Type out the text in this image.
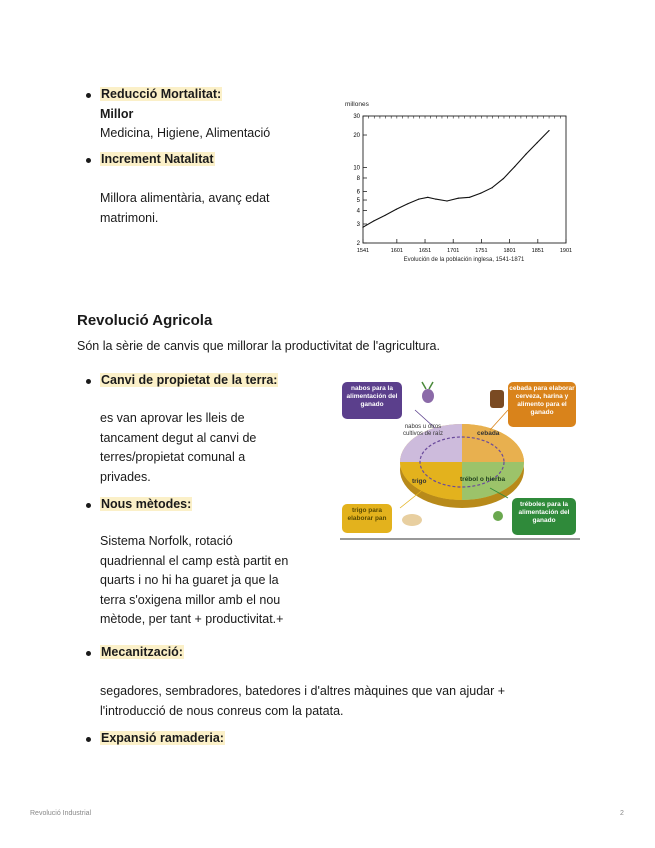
Reducció Mortalitat:
Millor
Medicina, Higiene, Alimentació
Increment Natalitat
Millora alimentària, avanç edat
matrimoni.
millones
2
3
4
5
6
8
10
20
30
1541	1601	1651	1701	1751	1801	1851	1901
Evolución de la población inglesa, 1541-1871
Revolució Agricola
Són la sèrie de canvis que millorar la productivitat de l'agricultura.
Canvi de propietat de la terra:
es van aprovar les lleis de
tancament degut al canvi de
terres/propietat comunal a
privades.
Nous mètodes:
Sistema Norfolk, rotació
quadriennal el camp està partit en
quarts i no hi ha guaret ja que la
terra s'oxigena millor amb el nou
mètode, per tant + productivitat.+
Mecanització:
segadores, sembradores, batedores i d'altres màquines que van ajudar +
l'introducció de nous conreus com la patata.
Expansió ramaderia:
nabos para la alimentación del ganado
cebada para elaborar cerveza, harina y alimento para el ganado
trigo para elaborar pan
tréboles para la alimentación del ganado
nabos u otros cultivos de raíz	cebada
trigo	trébol o hierba
Revolució Industrial	2
